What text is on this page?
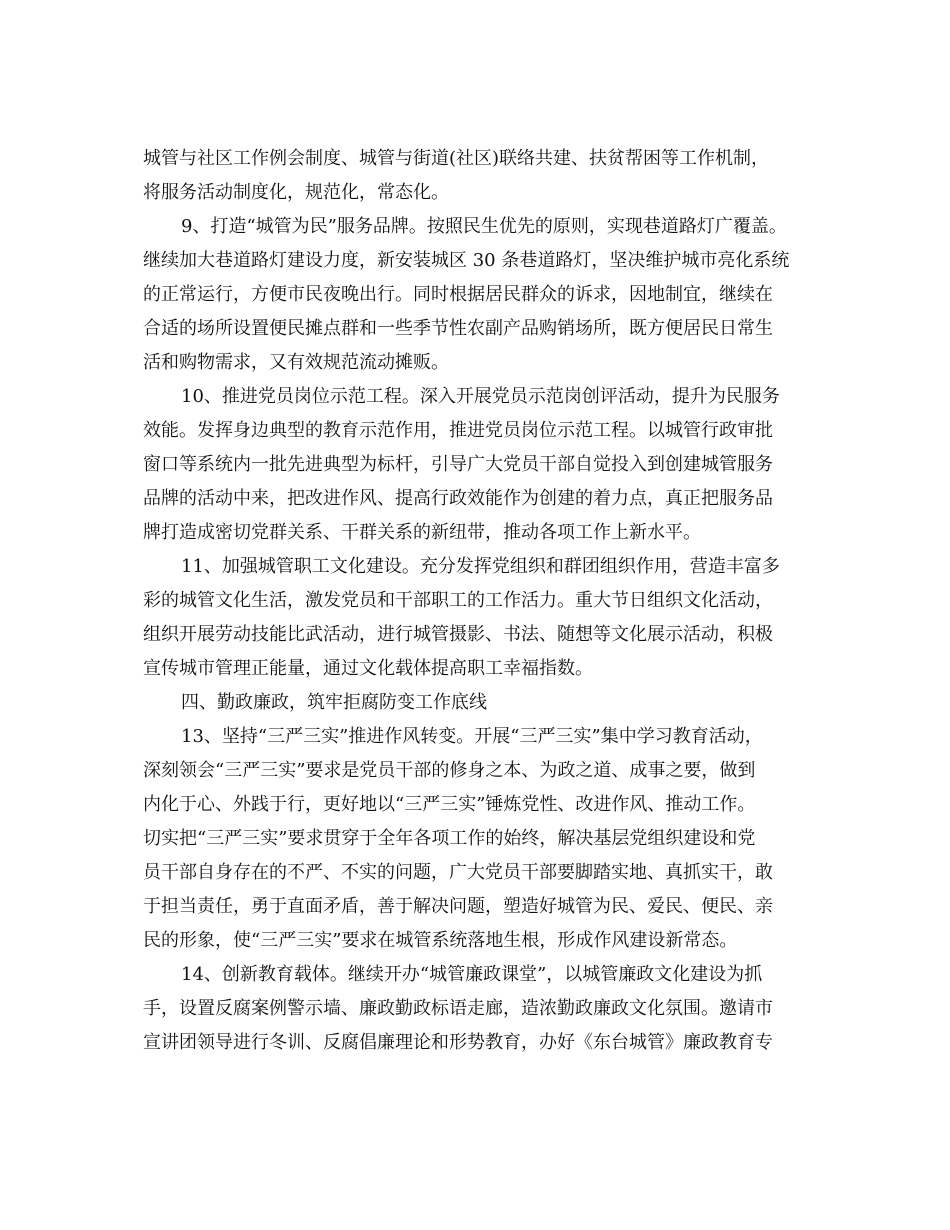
城管与社区工作例会制度、城管与街道(社区)联络共建、扶贫帮困等工作机制，
将服务活动制度化，规范化，常态化。
9、打造“城管为民”服务品牌。按照民生优先的原则，实现巷道路灯广覆盖。
继续加大巷道路灯建设力度，新安装城区 30 条巷道路灯，坚决维护城市亮化系统
的正常运行，方便市民夜晚出行。同时根据居民群众的诉求，因地制宜，继续在
合适的场所设置便民摊点群和一些季节性农副产品购销场所，既方便居民日常生
活和购物需求，又有效规范流动摊贩。
10、推进党员岗位示范工程。深入开展党员示范岗创评活动，提升为民服务
效能。发挥身边典型的教育示范作用，推进党员岗位示范工程。以城管行政审批
窗口等系统内一批先进典型为标杆，引导广大党员干部自觉投入到创建城管服务
品牌的活动中来，把改进作风、提高行政效能作为创建的着力点，真正把服务品
牌打造成密切党群关系、干群关系的新纽带，推动各项工作上新水平。
11、加强城管职工文化建设。充分发挥党组织和群团组织作用，营造丰富多
彩的城管文化生活，激发党员和干部职工的工作活力。重大节日组织文化活动，
组织开展劳动技能比武活动，进行城管摄影、书法、随想等文化展示活动，积极
宣传城市管理正能量，通过文化载体提高职工幸福指数。
四、勤政廉政，筑牢拒腐防变工作底线
13、坚持“三严三实”推进作风转变。开展“三严三实”集中学习教育活动，
深刻领会“三严三实”要求是党员干部的修身之本、为政之道、成事之要，做到
内化于心、外践于行，更好地以“三严三实”锤炼党性、改进作风、推动工作。
切实把“三严三实”要求贯穿于全年各项工作的始终，解决基层党组织建设和党
员干部自身存在的不严、不实的问题，广大党员干部要脚踏实地、真抓实干，敢
于担当责任，勇于直面矛盾，善于解决问题，塑造好城管为民、爱民、便民、亲
民的形象，使“三严三实”要求在城管系统落地生根，形成作风建设新常态。
14、创新教育载体。继续开办“城管廉政课堂”，以城管廉政文化建设为抓
手，设置反腐案例警示墙、廉政勤政标语走廊，造浓勤政廉政文化氛围。邀请市
宣讲团领导进行冬训、反腐倡廉理论和形势教育，办好《东台城管》廉政教育专
